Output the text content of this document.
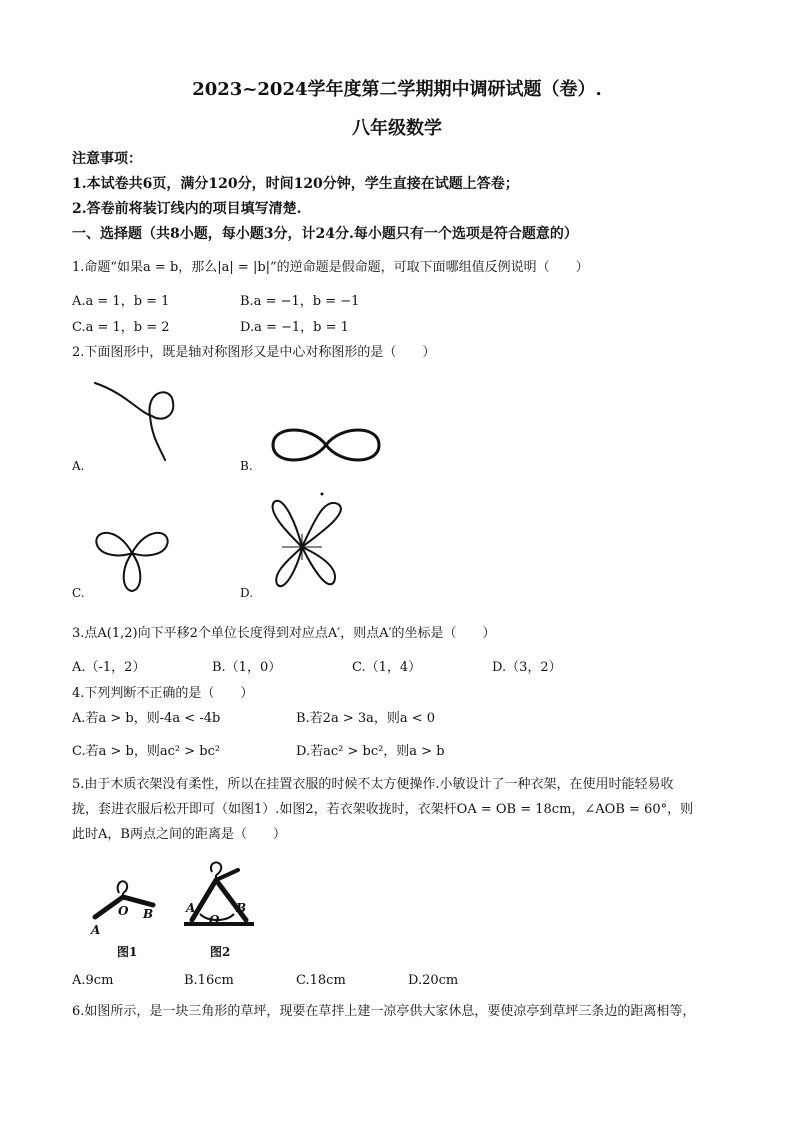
2023~2024学年度第二学期期中调研试题（卷）.
八年级数学
注意事项：
1.本试卷共6页，满分120分，时间120分钟，学生直接在试题上答卷；
2.答卷前将装订线内的项目填写清楚.
一、选择题（共8小题，每小题3分，计24分.每小题只有一个选项是符合题意的）
1.命题“如果a = b，那么|a| = |b|”的逆命题是假命题，可取下面哪组值反例说明（　　）
A.a = 1，b = 1	B.a = −1，b = −1
C.a = 1，b = 2	D.a = −1，b = 1
2.下面图形中，既是轴对称图形又是中心对称图形的是（　　）
A.	B.
C.	D.
3.点A(1,2)向下平移2个单位长度得到对应点A′，则点A′的坐标是（　　）
A.（-1，2）	B.（1，0）	C.（1，4）	D.（3，2）
4.下列判断不正确的是（　　）
A.若a > b，则-4a < -4b	B.若2a > 3a，则a < 0
C.若a > b，则ac² > bc²	D.若ac² > bc²，则a > b
5.由于木质衣架没有柔性，所以在挂置衣服的时候不太方便操作.小敏设计了一种衣架，在使用时能轻易收
拢，套进衣服后松开即可（如图1）.如图2，若衣架收拢时，衣架杆OA = OB = 18cm，∠AOB = 60°，则
此时A，B两点之间的距离是（　　）
O B
A
图1
A
O
B
图2
A.9cm	B.16cm	C.18cm	D.20cm
6.如图所示，是一块三角形的草坪，现要在草拌上建一凉亭供大家休息，要使凉亭到草坪三条边的距离相等，
